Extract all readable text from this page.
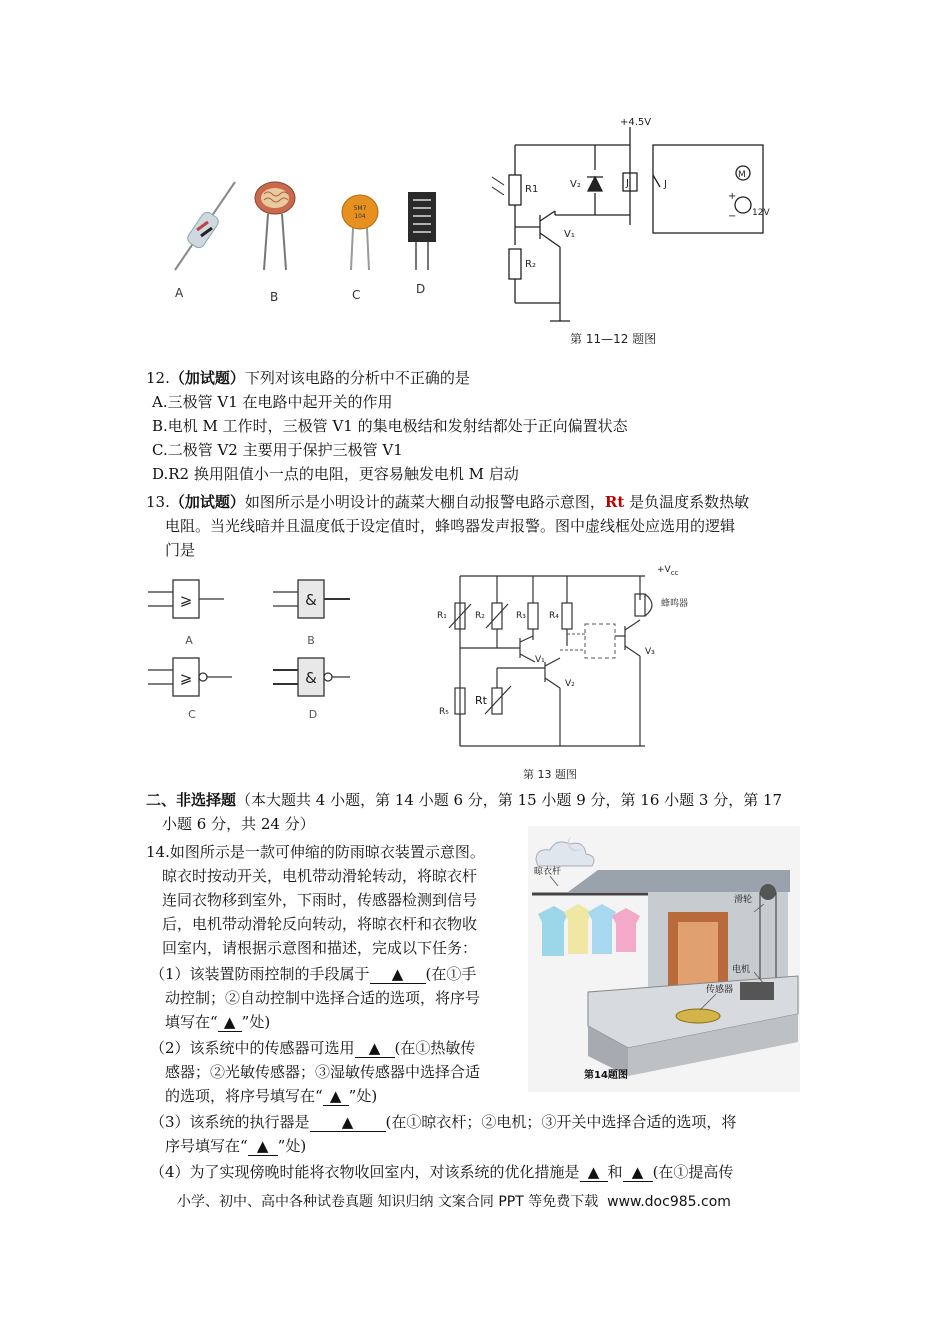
5M7
104
A	B	C	D
+4.5V
R1
R₂
V₂	J	J
V₁
M
+
− 12V
第 11—12 题图
12.（加试题）下列对该电路的分析中不正确的是
A.三极管 V1 在电路中起开关的作用
B.电机 M 工作时，三极管 V1 的集电极结和发射结都处于正向偏置状态
C.二极管 V2 主要用于保护三极管 V1
D.R2 换用阻值小一点的电阻，更容易触发电机 M 启动
13.（加试题）如图所示是小明设计的蔬菜大棚自动报警电路示意图，Rt 是负温度系数热敏
电阻。当光线暗并且温度低于设定值时，蜂鸣器发声报警。图中虚线框处应选用的逻辑
门是
⩾	&
⩾	&
A	B
C	D
$+V_{cc}$
R₁	R₂	R₃	R₄
R₅
Rt
V₁
V₂
V₃
蜂鸣器
第 13 题图
二、非选择题（本大题共 4 小题，第 14 小题 6 分，第 15 小题 9 分，第 16 小题 3 分，第 17
小题 6 分，共 24 分）
14.如图所示是一款可伸缩的防雨晾衣装置示意图。
晾衣时按动开关，电机带动滑轮转动，将晾衣杆
连同衣物移到室外，下雨时，传感器检测到信号
后，电机带动滑轮反向转动，将晾衣杆和衣物收
回室内，请根据示意图和描述，完成以下任务：
（1）该装置防雨控制的手段属于 ▲ (在①手
动控制；②自动控制中选择合适的选项，将序号
填写在“ ▲ ”处)
（2）该系统中的传感器可选用 ▲ (在①热敏传
感器；②光敏传感器；③湿敏传感器中选择合适
的选项，将序号填写在“ ▲ ”处)
（3）该系统的执行器是 ▲ (在①晾衣杆；②电机；③开关中选择合适的选项，将
序号填写在“ ▲ ”处)
（4）为了实现傍晚时能将衣物收回室内，对该系统的优化措施是 ▲ 和 ▲ (在①提高传
晾衣杆
滑轮
电机
传感器
第14题图
小学、初中、高中各种试卷真题 知识归纳 文案合同 PPT 等免费下载 www.doc985.com
